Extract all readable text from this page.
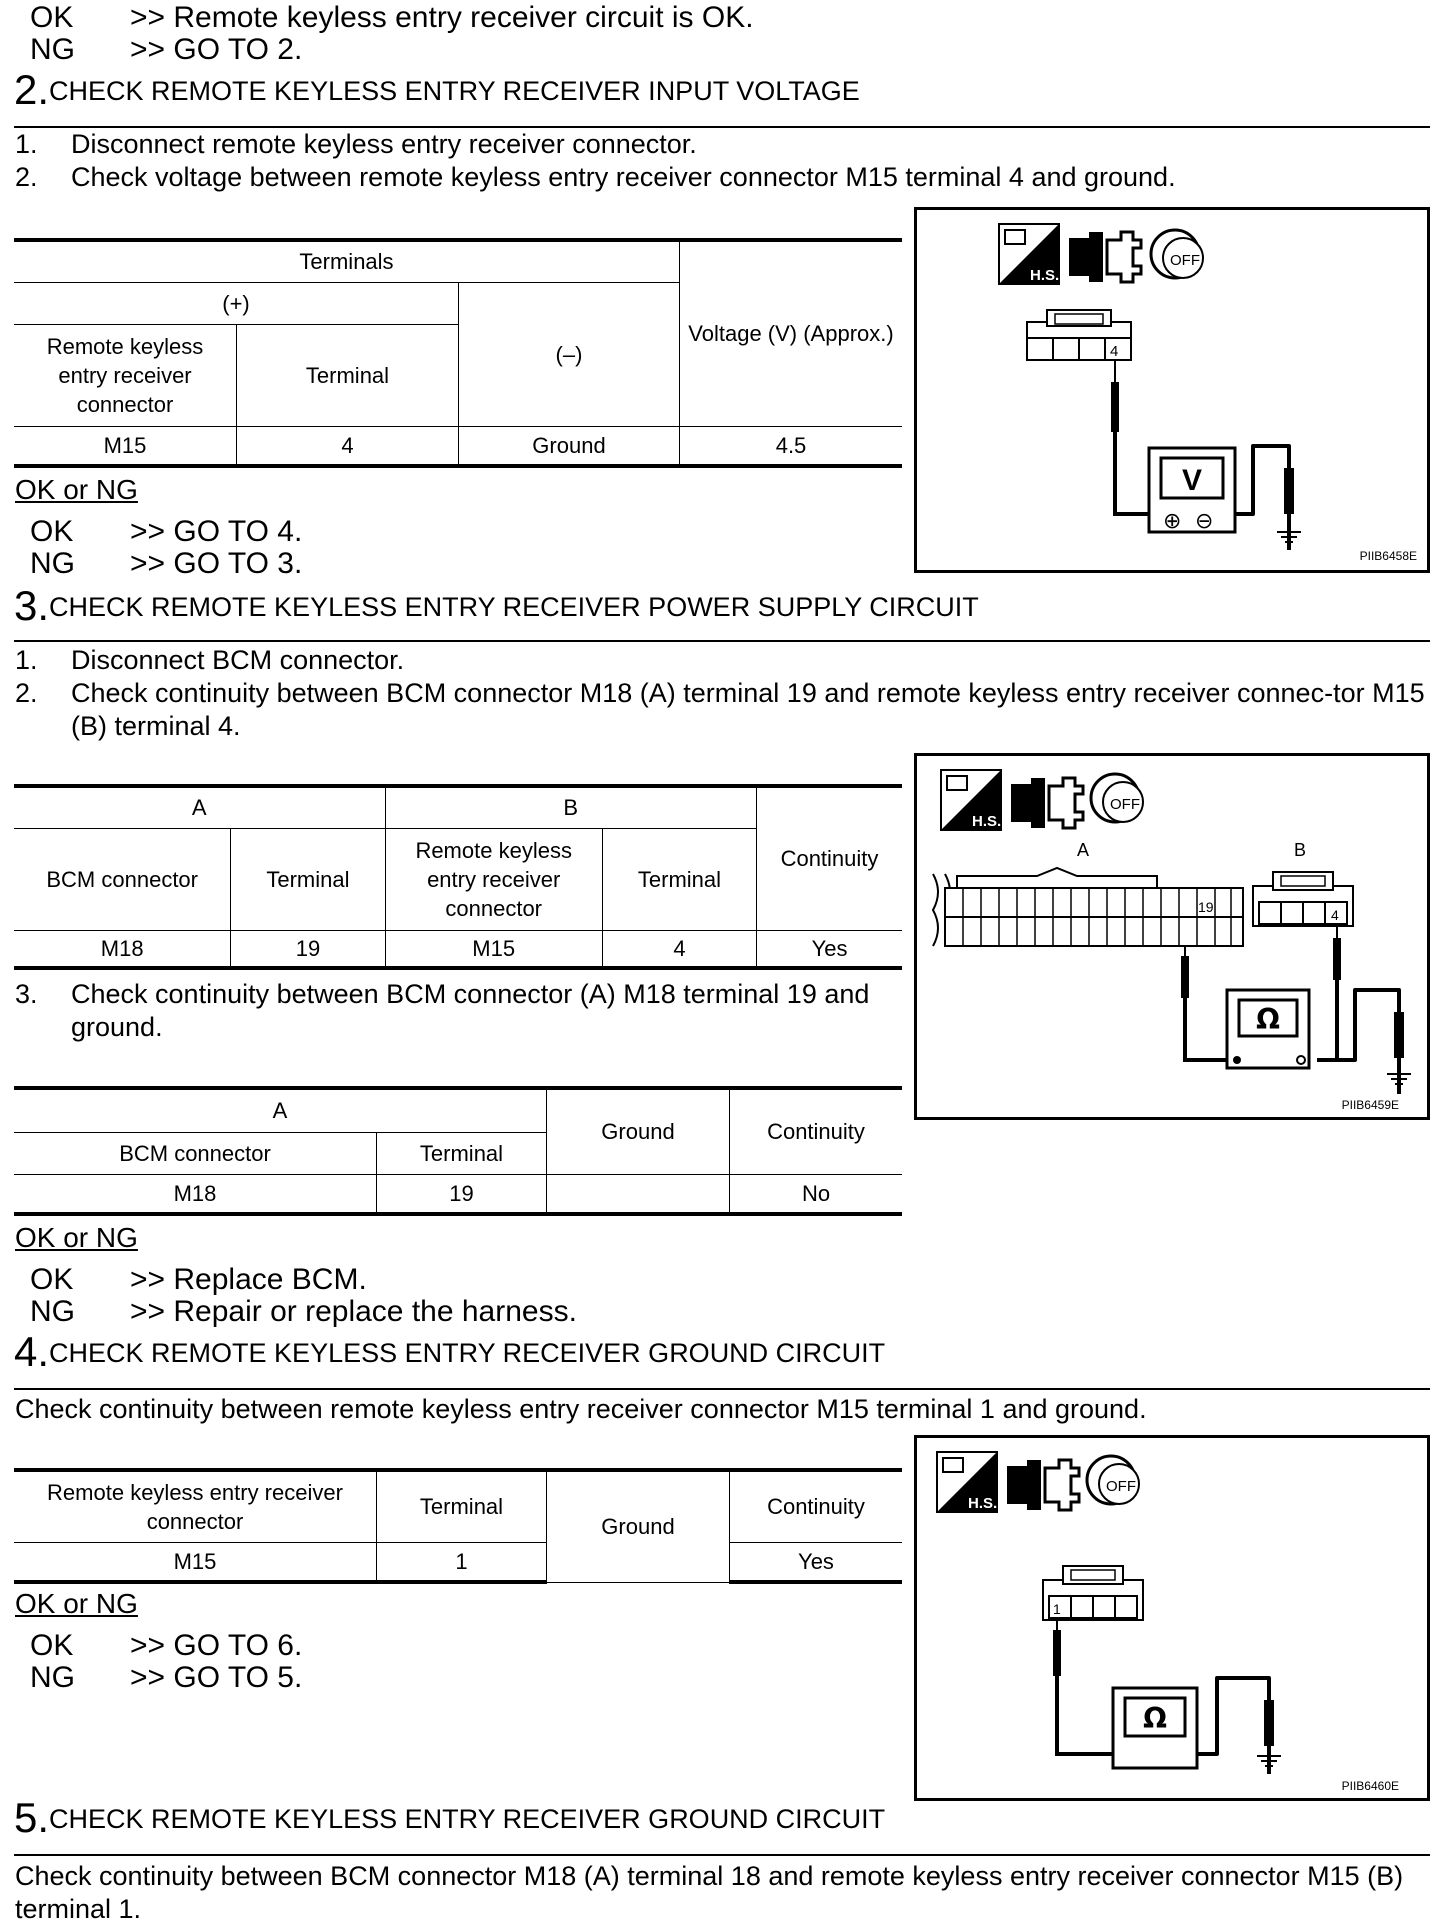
OK >> Remote keyless entry receiver circuit is OK.
NG >> GO TO 2.
2.CHECK REMOTE KEYLESS ENTRY RECEIVER INPUT VOLTAGE
1. Disconnect remote keyless entry receiver connector.
2. Check voltage between remote keyless entry receiver connector M15 terminal 4 and ground.
Terminals			Voltage (V) (Approx.)
(+)		(–)	
Remote keyless entry receiver connector	Terminal		
M15	4	Ground	4.5
OK or NG
OK >> GO TO 4.
NG >> GO TO 3.
H.S.
OFF
4
V
⊕ ⊖
PIIB6458E
3.CHECK REMOTE KEYLESS ENTRY RECEIVER POWER SUPPLY CIRCUIT
1. Disconnect BCM connector.
2. Check continuity between BCM connector M18 (A) terminal 19 and remote keyless entry receiver connec-tor M15 (B) terminal 4.
A		B		Continuity
BCM connector	Terminal	Remote keyless entry receiver connector	Terminal	
M18	19	M15	4	Yes
3. Check continuity between BCM connector (A) M18 terminal 19 and ground.
A		Ground	Continuity
BCM connector	Terminal		
M18	19		No
OK or NG
OK >> Replace BCM.
NG >> Repair or replace the harness.
H.S.
OFF
A	B
19	4
Ω
PIIB6459E
4.CHECK REMOTE KEYLESS ENTRY RECEIVER GROUND CIRCUIT
Check continuity between remote keyless entry receiver connector M15 terminal 1 and ground.
Remote keyless entry receiver connector	Terminal	Ground	Continuity
M15	1		Yes
OK or NG
OK >> GO TO 6.
NG >> GO TO 5.
H.S.
OFF
1
Ω
PIIB6460E
5.CHECK REMOTE KEYLESS ENTRY RECEIVER GROUND CIRCUIT
Check continuity between BCM connector M18 (A) terminal 18 and remote keyless entry receiver connector M15 (B) terminal 1.
